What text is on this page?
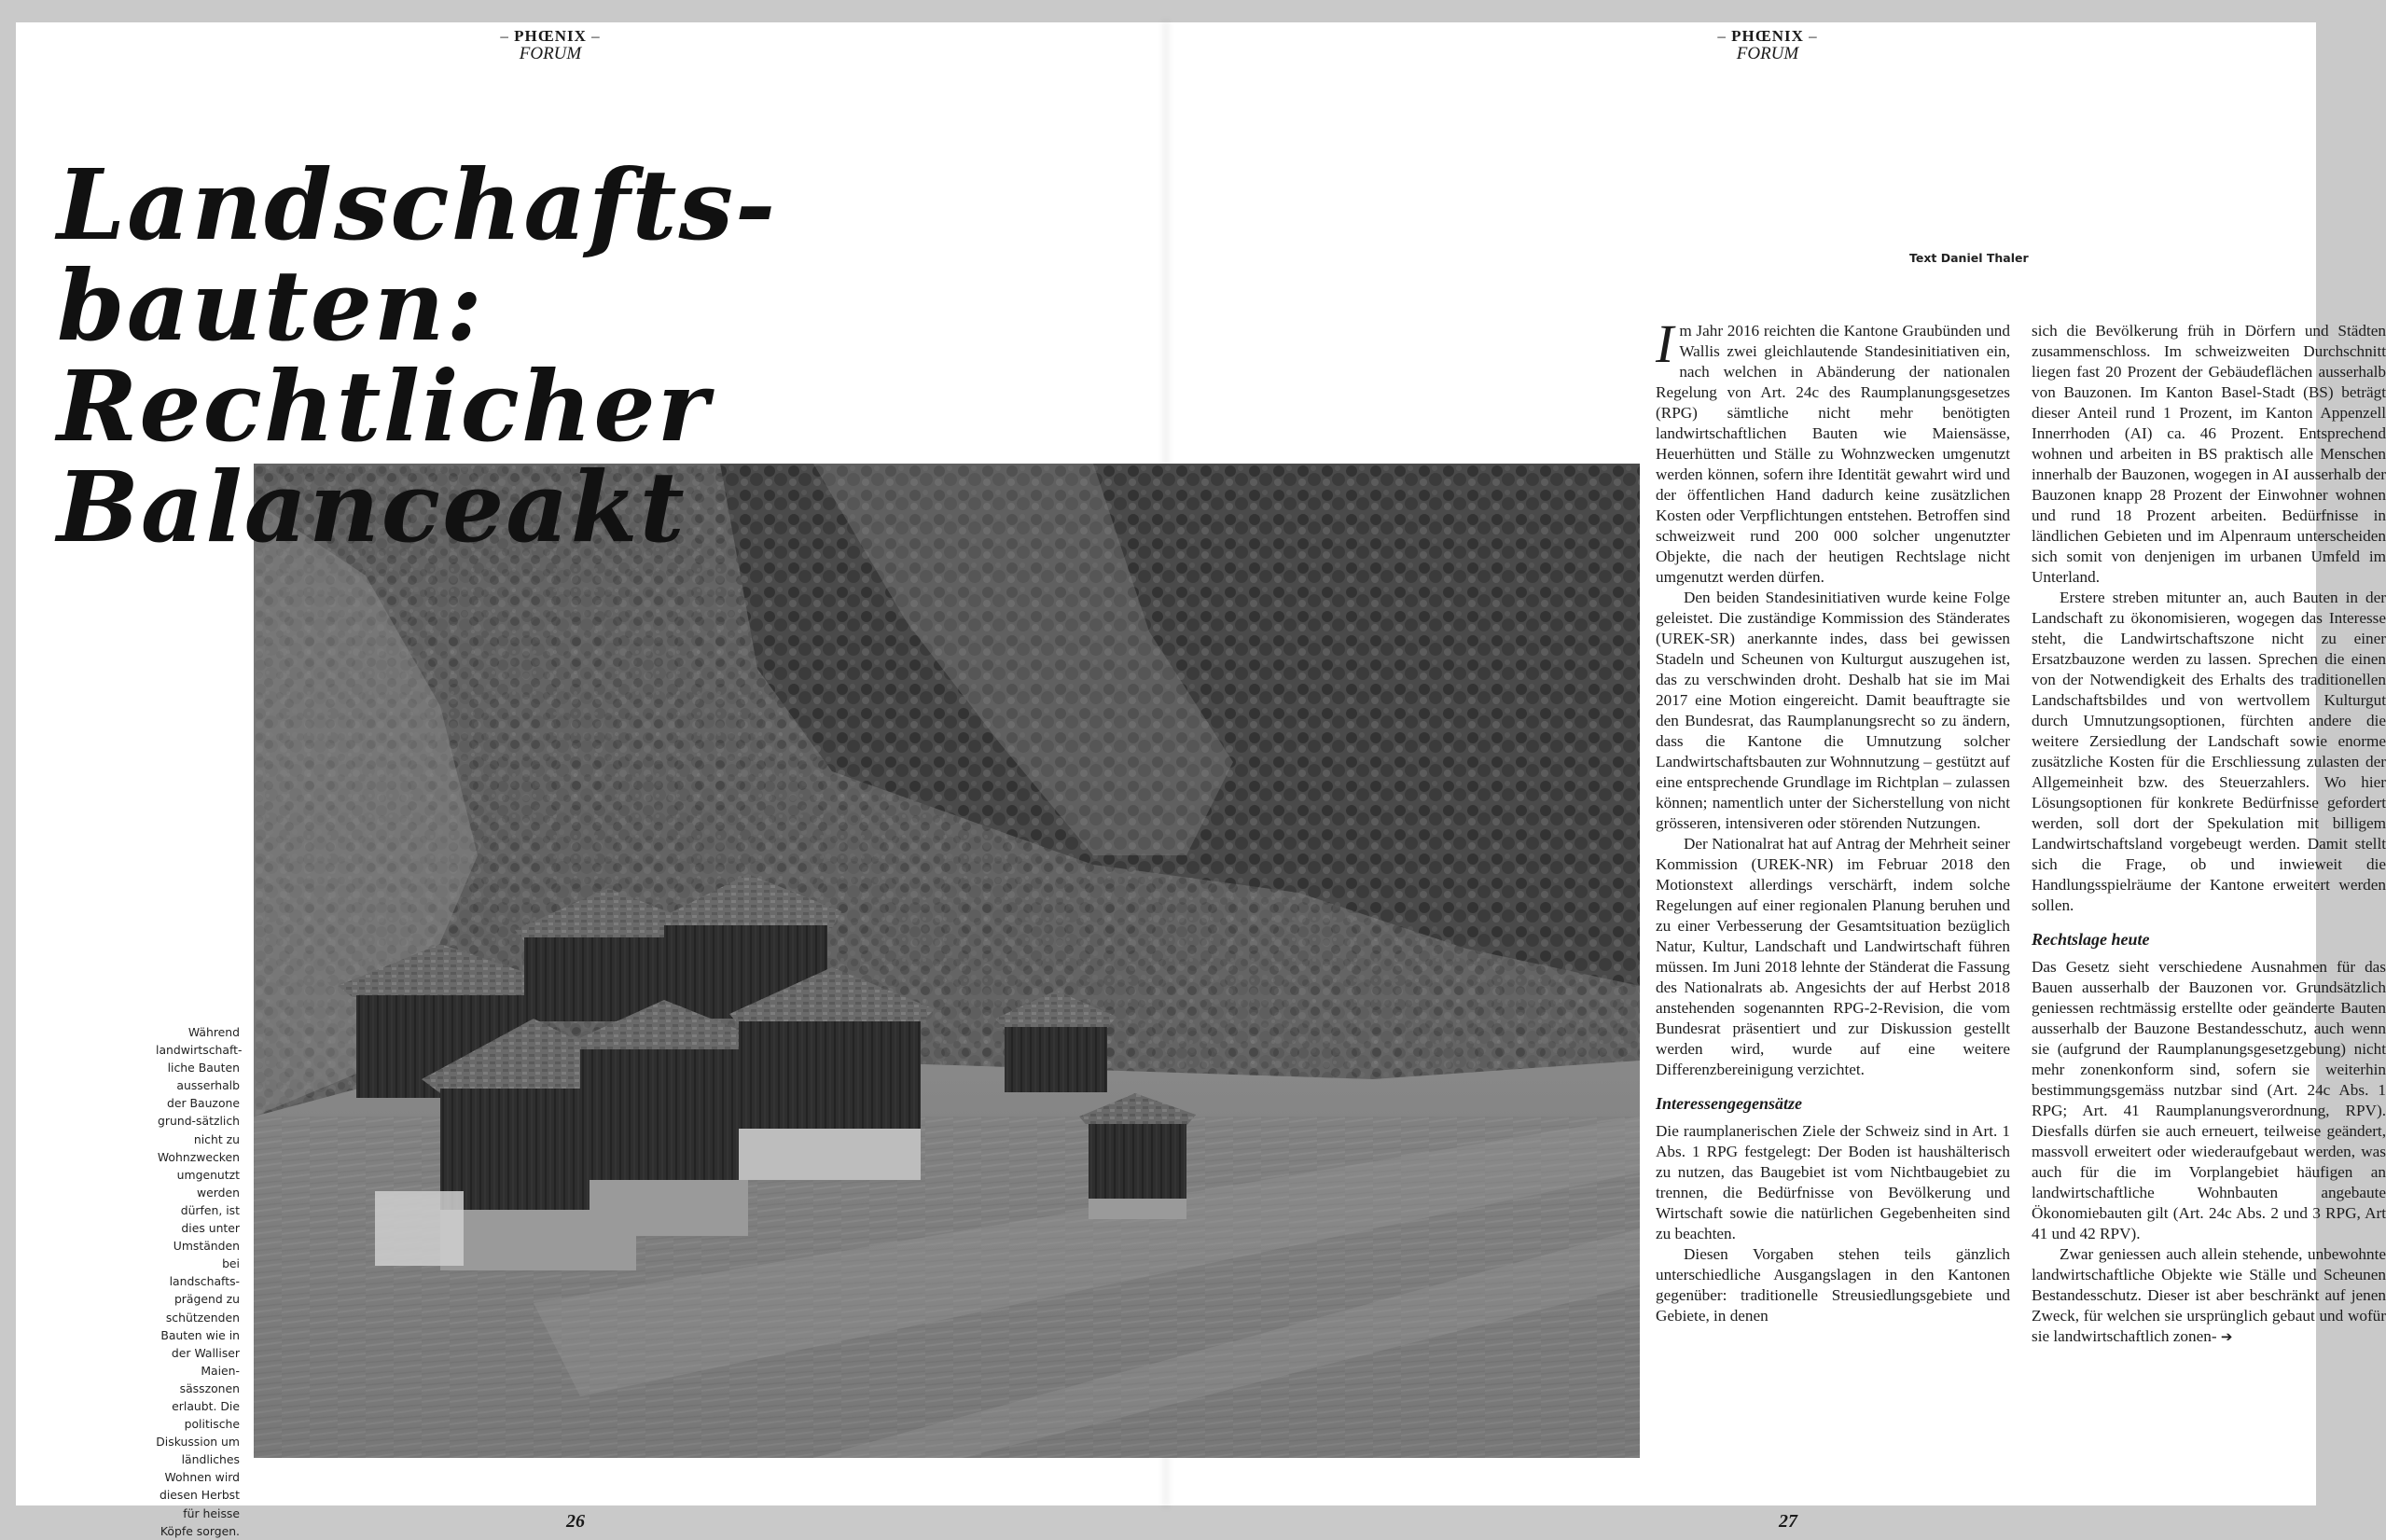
– PHŒNIX –
FORUM
– PHŒNIX –
FORUM
Landschafts-
bauten:
Rechtlicher
Balanceakt

Während landwirtschaft-liche Bauten ausserhalb der Bauzone grund-sätzlich nicht zu Wohnzwecken umgenutzt werden dürfen, ist dies unter Umständen bei landschafts-prägend zu schützenden Bauten wie in der Walliser Maien-sässzonen erlaubt. Die politische Diskussion um ländliches Wohnen wird diesen Herbst für heisse Köpfe sorgen.

Text Daniel Thaler

Im Jahr 2016 reichten die Kantone Graubünden und Wallis zwei gleichlautende Standesinitiativen ein, nach welchen in Abänderung der nationalen Regelung von Art. 24c des Raumplanungsgesetzes (RPG) sämtliche nicht mehr benötigten landwirtschaftlichen Bauten wie Maiensässe, Heuerhütten und Ställe zu Wohnzwecken umgenutzt werden können, sofern ihre Identität gewahrt wird und der öffentlichen Hand dadurch keine zusätzlichen Kosten oder Verpflichtungen entstehen. Betroffen sind schweizweit rund 200 000 solcher ungenutzter Objekte, die nach der heutigen Rechtslage nicht umgenutzt werden dürfen.

Den beiden Standesinitiativen wurde keine Folge geleistet. Die zuständige Kommission des Ständerates (UREK-SR) anerkannte indes, dass bei gewissen Stadeln und Scheunen von Kulturgut auszugehen ist, das zu verschwinden droht. Deshalb hat sie im Mai 2017 eine Motion eingereicht. Damit beauftragte sie den Bundesrat, das Raumplanungsrecht so zu ändern, dass die Kantone die Umnutzung solcher Landwirtschaftsbauten zur Wohnnutzung – gestützt auf eine entsprechende Grundlage im Richtplan – zulassen können; namentlich unter der Sicherstellung von nicht grösseren, intensiveren oder störenden Nutzungen.

Der Nationalrat hat auf Antrag der Mehrheit seiner Kommission (UREK-NR) im Februar 2018 den Motionstext allerdings verschärft, indem solche Regelungen auf einer regionalen Planung beruhen und zu einer Verbesserung der Gesamtsituation bezüglich Natur, Kultur, Landschaft und Landwirtschaft führen müssen. Im Juni 2018 lehnte der Ständerat die Fassung des Nationalrats ab. Angesichts der auf Herbst 2018 anstehenden sogenannten RPG-2-Revision, die vom Bundesrat präsentiert und zur Diskussion gestellt werden wird, wurde auf eine weitere Differenzbereinigung verzichtet.

Interessengegensätze

Die raumplanerischen Ziele der Schweiz sind in Art. 1 Abs. 1 RPG festgelegt: Der Boden ist haushälterisch zu nutzen, das Baugebiet ist vom Nichtbaugebiet zu trennen, die Bedürfnisse von Bevölkerung und Wirtschaft sowie die natürlichen Gegebenheiten sind zu beachten.

Diesen Vorgaben stehen teils gänzlich unterschiedliche Ausgangslagen in den Kantonen gegenüber: traditionelle Streusiedlungsgebiete und Gebiete, in denen

sich die Bevölkerung früh in Dörfern und Städten zusammenschloss. Im schweizweiten Durchschnitt liegen fast 20 Prozent der Gebäudeflächen ausserhalb von Bauzonen. Im Kanton Basel-Stadt (BS) beträgt dieser Anteil rund 1 Prozent, im Kanton Appenzell Innerrhoden (AI) ca. 46 Prozent. Entsprechend wohnen und arbeiten in BS praktisch alle Menschen innerhalb der Bauzonen, wogegen in AI ausserhalb der Bauzonen knapp 28 Prozent der Einwohner wohnen und rund 18 Prozent arbeiten. Bedürfnisse in ländlichen Gebieten und im Alpenraum unterscheiden sich somit von denjenigen im urbanen Umfeld im Unterland.

Erstere streben mitunter an, auch Bauten in der Landschaft zu ökonomisieren, wogegen das Interesse steht, die Landwirtschaftszone nicht zu einer Ersatzbauzone werden zu lassen. Sprechen die einen von der Notwendigkeit des Erhalts des traditionellen Landschaftsbildes und von wertvollem Kulturgut durch Umnutzungsoptionen, fürchten andere die weitere Zersiedlung der Landschaft sowie enorme zusätzliche Kosten für die Erschliessung zulasten der Allgemeinheit bzw. des Steuerzahlers. Wo hier Lösungsoptionen für konkrete Bedürfnisse gefordert werden, soll dort der Spekulation mit billigem Landwirtschaftsland vorgebeugt werden. Damit stellt sich die Frage, ob und inwieweit die Handlungsspielräume der Kantone erweitert werden sollen.

Rechtslage heute

Das Gesetz sieht verschiedene Ausnahmen für das Bauen ausserhalb der Bauzonen vor. Grundsätzlich geniessen rechtmässig erstellte oder geänderte Bauten ausserhalb der Bauzone Bestandesschutz, auch wenn sie (aufgrund der Raumplanungsgesetzgebung) nicht mehr zonenkonform sind, sofern sie weiterhin bestimmungsgemäss nutzbar sind (Art. 24c Abs. 1 RPG; Art. 41 Raumplanungsverordnung, RPV). Diesfalls dürfen sie auch erneuert, teilweise geändert, massvoll erweitert oder wiederaufgebaut werden, was auch für die im Vorplangebiet häufigen an landwirtschaftliche Wohnbauten angebaute Ökonomiebauten gilt (Art. 24c Abs. 2 und 3 RPG, Art 41 und 42 RPV).

Zwar geniessen auch allein stehende, unbewohnte landwirtschaftliche Objekte wie Ställe und Scheunen Bestandesschutz. Dieser ist aber beschränkt auf jenen Zweck, für welchen sie ursprünglich gebaut und wofür sie landwirtschaftlich zonen- ➔

26	27
